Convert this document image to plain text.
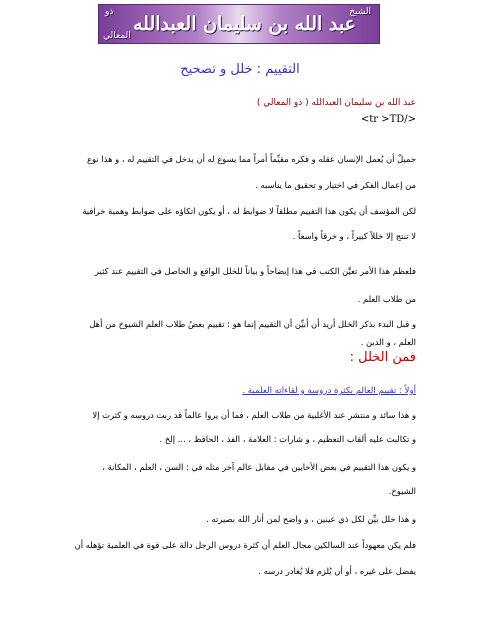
الشيخ
عبد الله بن سليمان العبدالله
ذو
المعالي
التقييم : خلل و تصحيح
عبد الله بن سليمان العبدالله ( ذو المعالي )
<tr >TD/>
جميلٌ أن يُعمل الإنسان عقله و فكره مقيِّماً أمراً مما يسوغ له أن يدخل في التقييم له ، و هذا نوع
من إعمال الفكر في اختيار و تحقيق ما يناسبه .
لكن المؤسف أن يكون هذا التقييم مطلقاً لا ضوابط له ، أو يكون اتكاؤه على ضوابط وهمية خرافية
لا تنتج إلا خللاً كبيراً ، و خرقاً واسعاً .
فلعظم هذا الأمر تعيَّن الكتب في هذا إيضاحاً و بياناً للخلل الواقع و الحاصل في التقييم عند كثير
من طلاب العلم .
و قبل البدء بذكر الخلل أريد أن أبيِّن أن التقييم إنما هو : تقييم بعضُ طلاب العلم الشيوخ من أهل
فمن الخلل :
العلم ، و الدين .
أولاً : تقييم العالم بكثرة دروسه و لقاءاته العلمية .
و هذا سائد و منتشر عند الأغلبية من طلاب العلم ، فما أن يروا عالماً قد ربت دروسه و كثرت إلا
و تكالبت عليه ألقاب التعظيم ، و شارات : العلامة ، الفذ ، الحافظ ، ... إلخ .
و يكون هذا التقييم في بعض الأحايين في مقابل عالم آخر مثله في : السن ، العلم ، المكانة ،
الشيوخ.
و هذا خلل بيِّن لكل ذي عينين ، و واضح لمن أنار الله بصيرته .
فلم يكن معهوداً عند السالكين مجال العلم أن كثرة دروس الرجل دالة على قوة في العلمية تؤهله أن
يفضل على غيره ، أو أن يُلزم فلا يُغادر درسه .
